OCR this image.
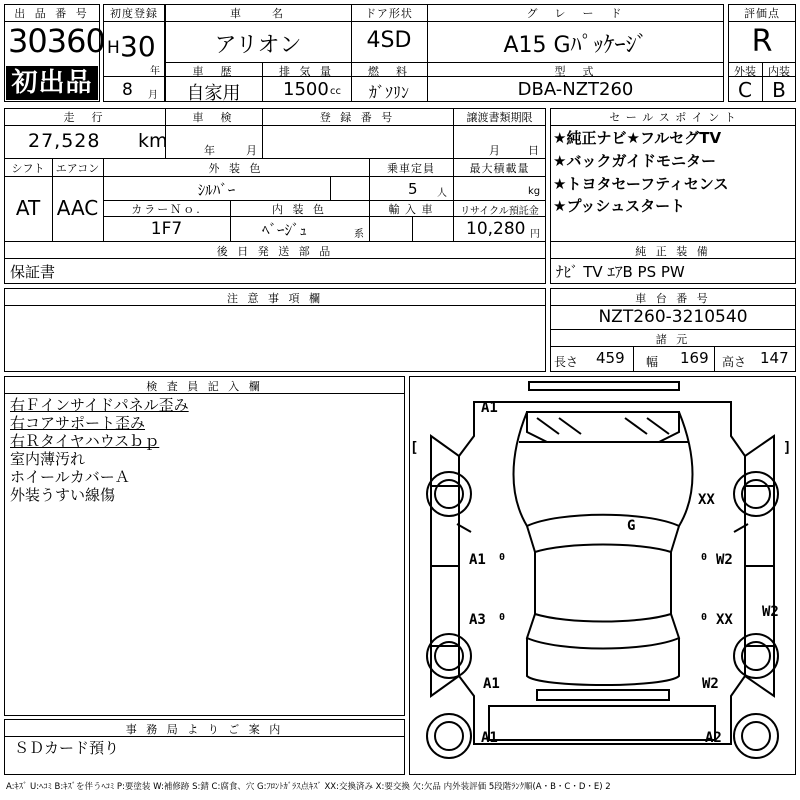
出 品 番 号
30360
初出品
初度登録
H 30
年
8 月
車　　名
アリオン
ドア形状
4SD
グ　レ　ー　ド
A15 Gﾊﾟｯｹｰｼﾞ
車　歴
自家用
排 気 量
1500 cc
燃　料
ｶﾞｿﾘﾝ
型　式
DBA-NZT260
評価点
R
外装	内装
C	B
走　行
27,528 km
車　検
年	月
登 録 番 号	譲渡書類期限
月	日
シフト
AT
エアコン
AAC
外 装 色
ｼﾙﾊﾞｰ
乗車定員
5 人
最大積載量
kg
カラーＮｏ.
1F7
内 装 色
ﾍﾞｰｼﾞｭ	系
輸 入 車	リサイクル預託金
10,280 円
後 日 発 送 部 品
保証書
セ ー ル ス ポ イ ン ト
★純正ナビ★フルセグTV
★バックガイドモニター
★トヨタセーフティセンス
★プッシュスタート
純 正 装 備
ﾅﾋﾞ TV ｴｱB PS PW
注 意 事 項 欄	車 台 番 号
NZT260-3210540
諸 元
長さ 459 幅 169 高さ 147
検 査 員 記 入 欄
右Ｆインサイドパネル歪み
右コアサポート歪み
右Ｒタイヤハウスｂｐ
室内薄汚れ
ホイールカバーＡ
外装うすい線傷
事 務 局 よ り ご 案 内
ＳＤカード預り
A1
[	]
G
XX
A1 0	0 W2
W2
A3 0	0 XX
A1	W2
A1	A2
A:ｷｽﾞ U:ﾍｺﾐ B:ｷｽﾞを伴うﾍｺﾐ P:要塗装 W:補修跡 S:錆 C:腐食、穴 G:ﾌﾛﾝﾄｶﾞﾗｽ点ｷｽﾞ XX:交換済み X:要交換 欠:欠品 内外装評価 5段階ﾗﾝｸ順(A・B・C・D・E) 2
